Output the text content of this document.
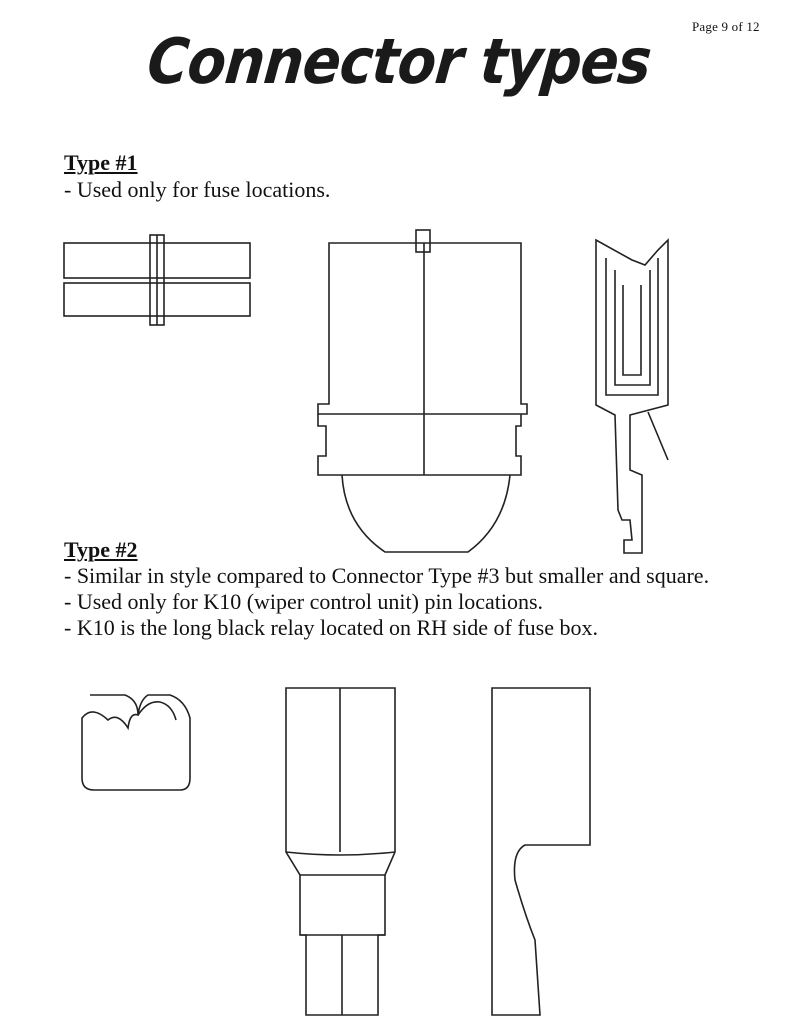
Page 9 of 12
Connector types
Type #1
- Used only for fuse locations.
Type #2
- Similar in style compared to Connector Type #3 but smaller and square.
- Used only for K10 (wiper control unit) pin locations.
- K10 is the long black relay located on RH side of fuse box.
